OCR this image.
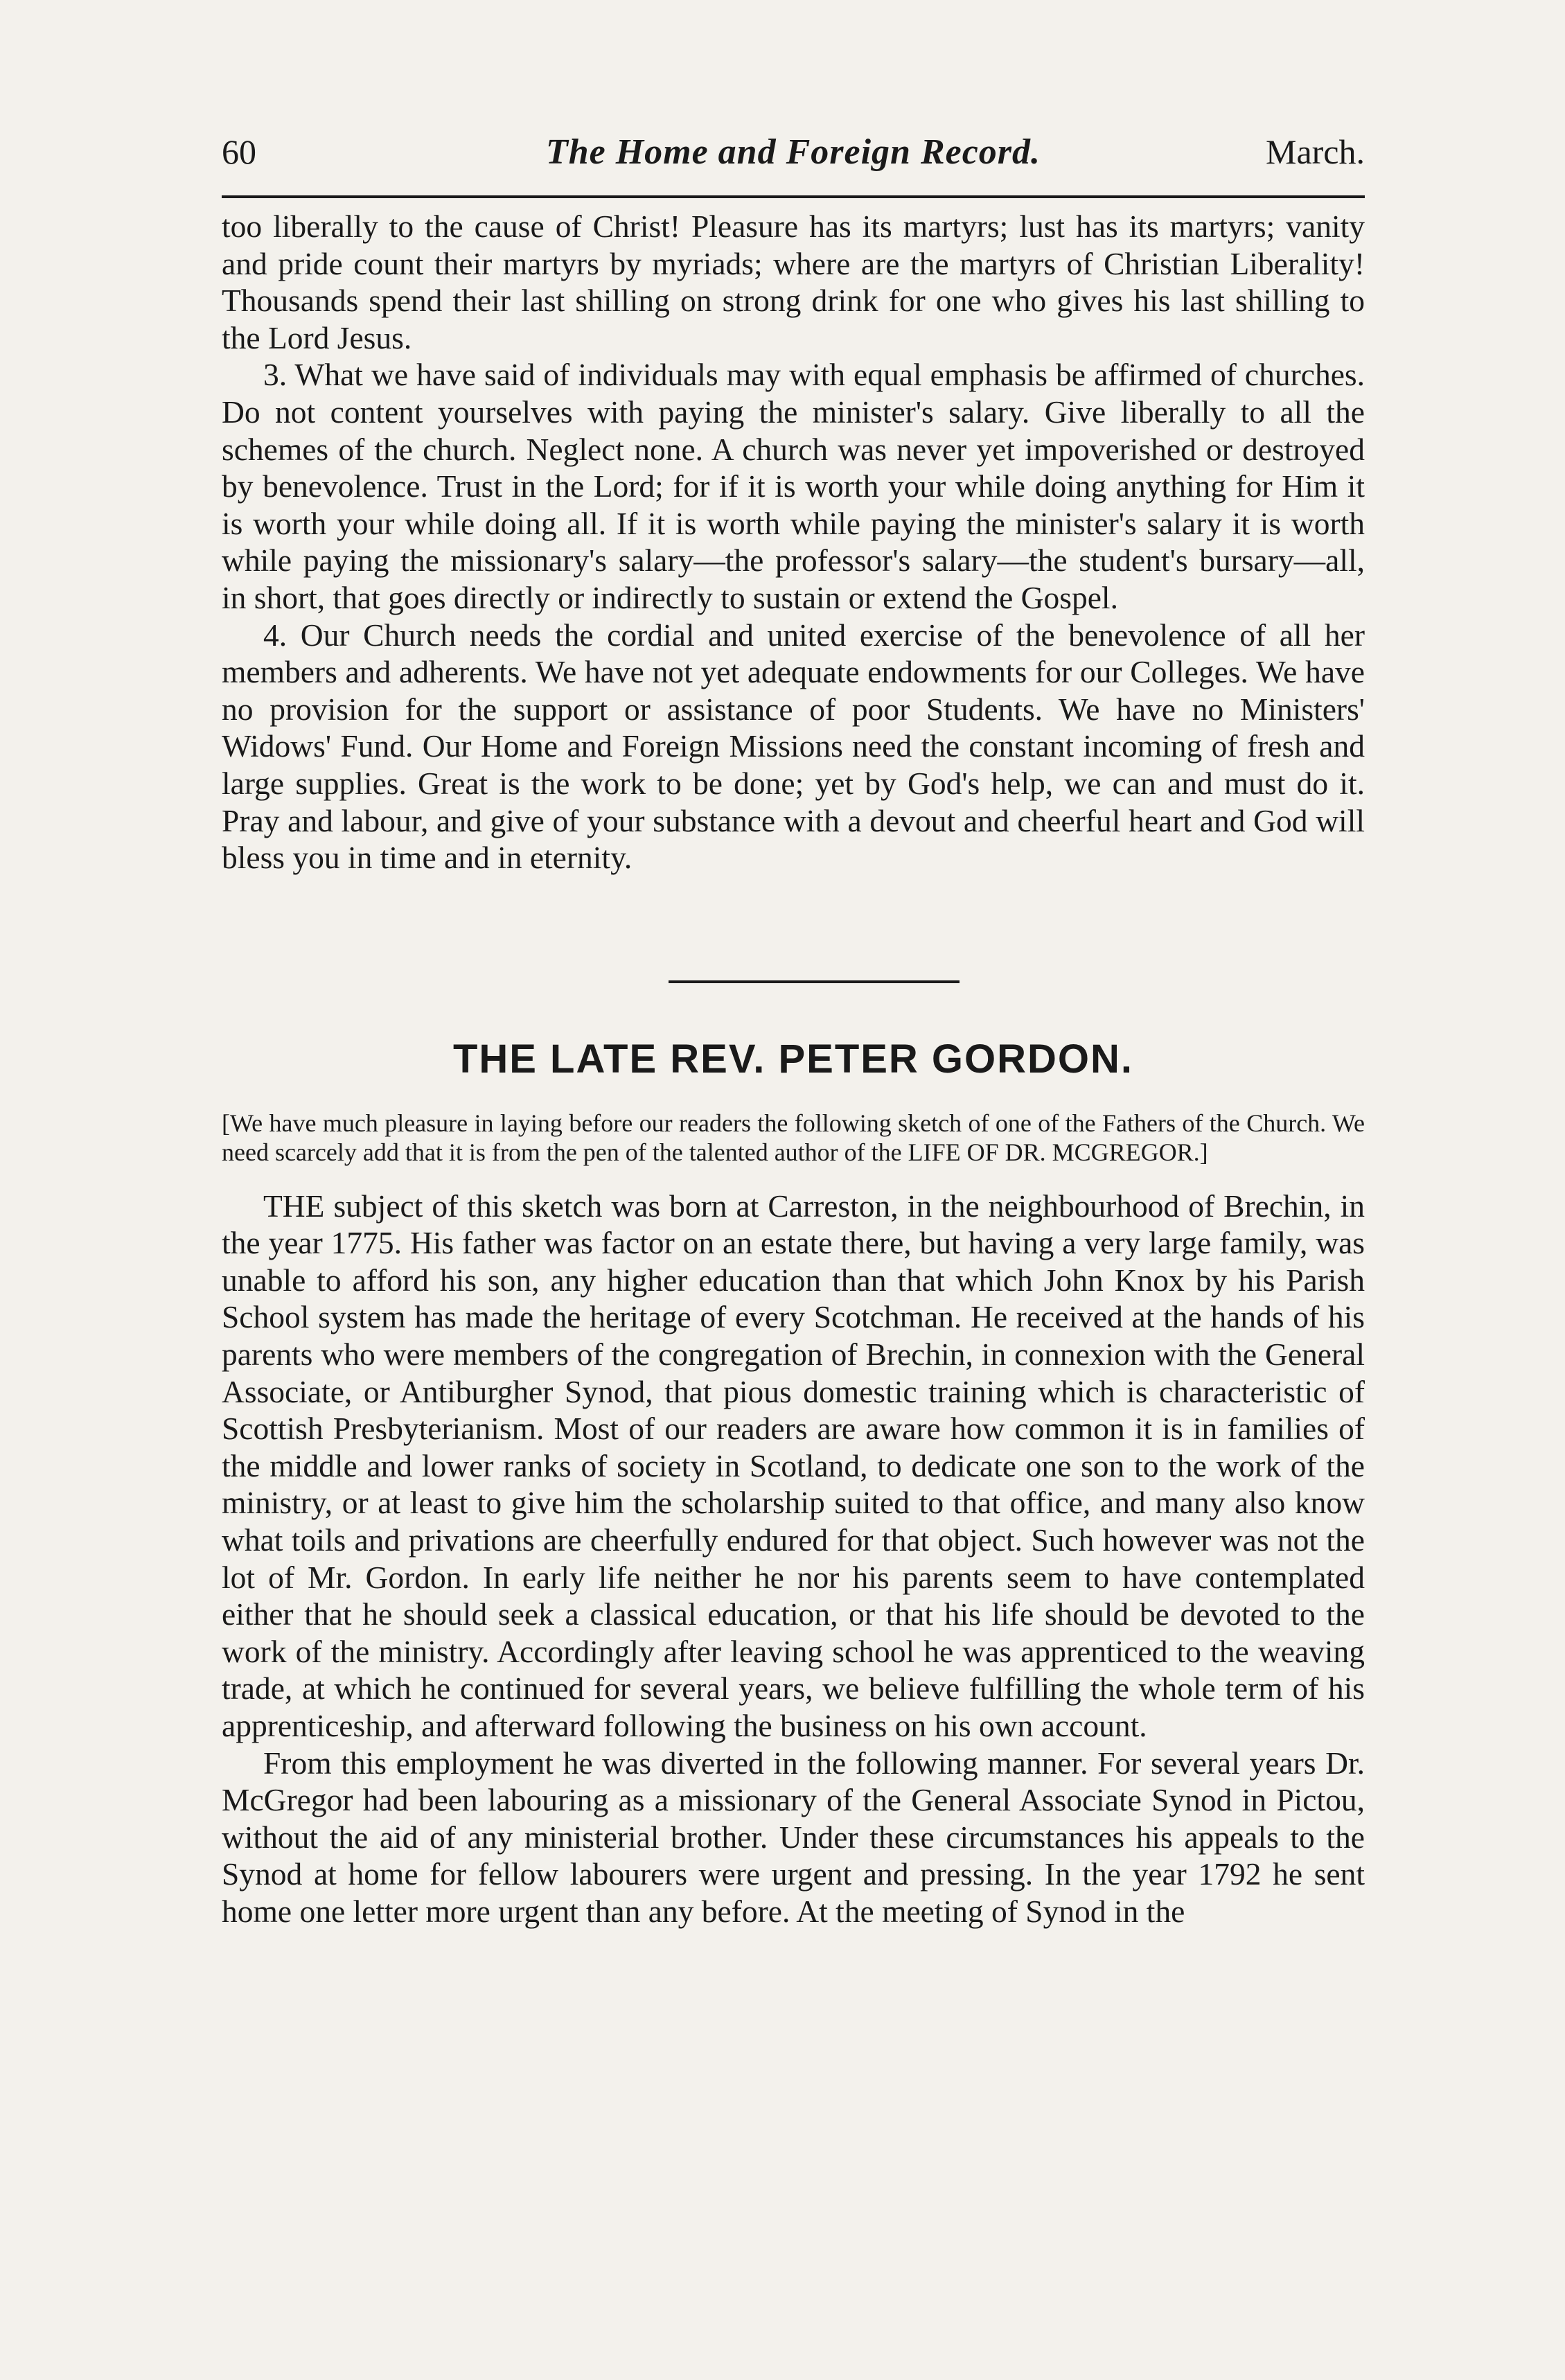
60	The Home and Foreign Record.	March.

too liberally to the cause of Christ! Pleasure has its martyrs; lust has its martyrs; vanity and pride count their martyrs by myriads; where are the martyrs of Christian Liberality! Thousands spend their last shilling on strong drink for one who gives his last shilling to the Lord Jesus.

3. What we have said of individuals may with equal emphasis be affirmed of churches. Do not content yourselves with paying the minister's salary. Give liberally to all the schemes of the church. Neglect none. A church was never yet impoverished or destroyed by benevolence. Trust in the Lord; for if it is worth your while doing anything for Him it is worth your while doing all. If it is worth while paying the minister's salary it is worth while paying the missionary's salary—the professor's salary—the student's bursary—all, in short, that goes directly or indirectly to sustain or extend the Gospel.

4. Our Church needs the cordial and united exercise of the benevolence of all her members and adherents. We have not yet adequate endowments for our Colleges. We have no provision for the support or assistance of poor Students. We have no Ministers' Widows' Fund. Our Home and Foreign Missions need the constant incoming of fresh and large supplies. Great is the work to be done; yet by God's help, we can and must do it. Pray and labour, and give of your substance with a devout and cheerful heart and God will bless you in time and in eternity.

THE LATE REV. PETER GORDON.

[We have much pleasure in laying before our readers the following sketch of one of the Fathers of the Church. We need scarcely add that it is from the pen of the talented author of the LIFE OF DR. MCGREGOR.]

THE subject of this sketch was born at Carreston, in the neighbourhood of Brechin, in the year 1775. His father was factor on an estate there, but having a very large family, was unable to afford his son, any higher education than that which John Knox by his Parish School system has made the heritage of every Scotchman. He received at the hands of his parents who were members of the congregation of Brechin, in connexion with the General Associate, or Antiburgher Synod, that pious domestic training which is characteristic of Scottish Presbyterianism. Most of our readers are aware how common it is in families of the middle and lower ranks of society in Scotland, to dedicate one son to the work of the ministry, or at least to give him the scholarship suited to that office, and many also know what toils and privations are cheerfully endured for that object. Such however was not the lot of Mr. Gordon. In early life neither he nor his parents seem to have contemplated either that he should seek a classical education, or that his life should be devoted to the work of the ministry. Accordingly after leaving school he was apprenticed to the weaving trade, at which he continued for several years, we believe fulfilling the whole term of his apprenticeship, and afterward following the business on his own account.

From this employment he was diverted in the following manner. For several years Dr. McGregor had been labouring as a missionary of the General Associate Synod in Pictou, without the aid of any ministerial brother. Under these circumstances his appeals to the Synod at home for fellow labourers were urgent and pressing. In the year 1792 he sent home one letter more urgent than any before. At the meeting of Synod in the
